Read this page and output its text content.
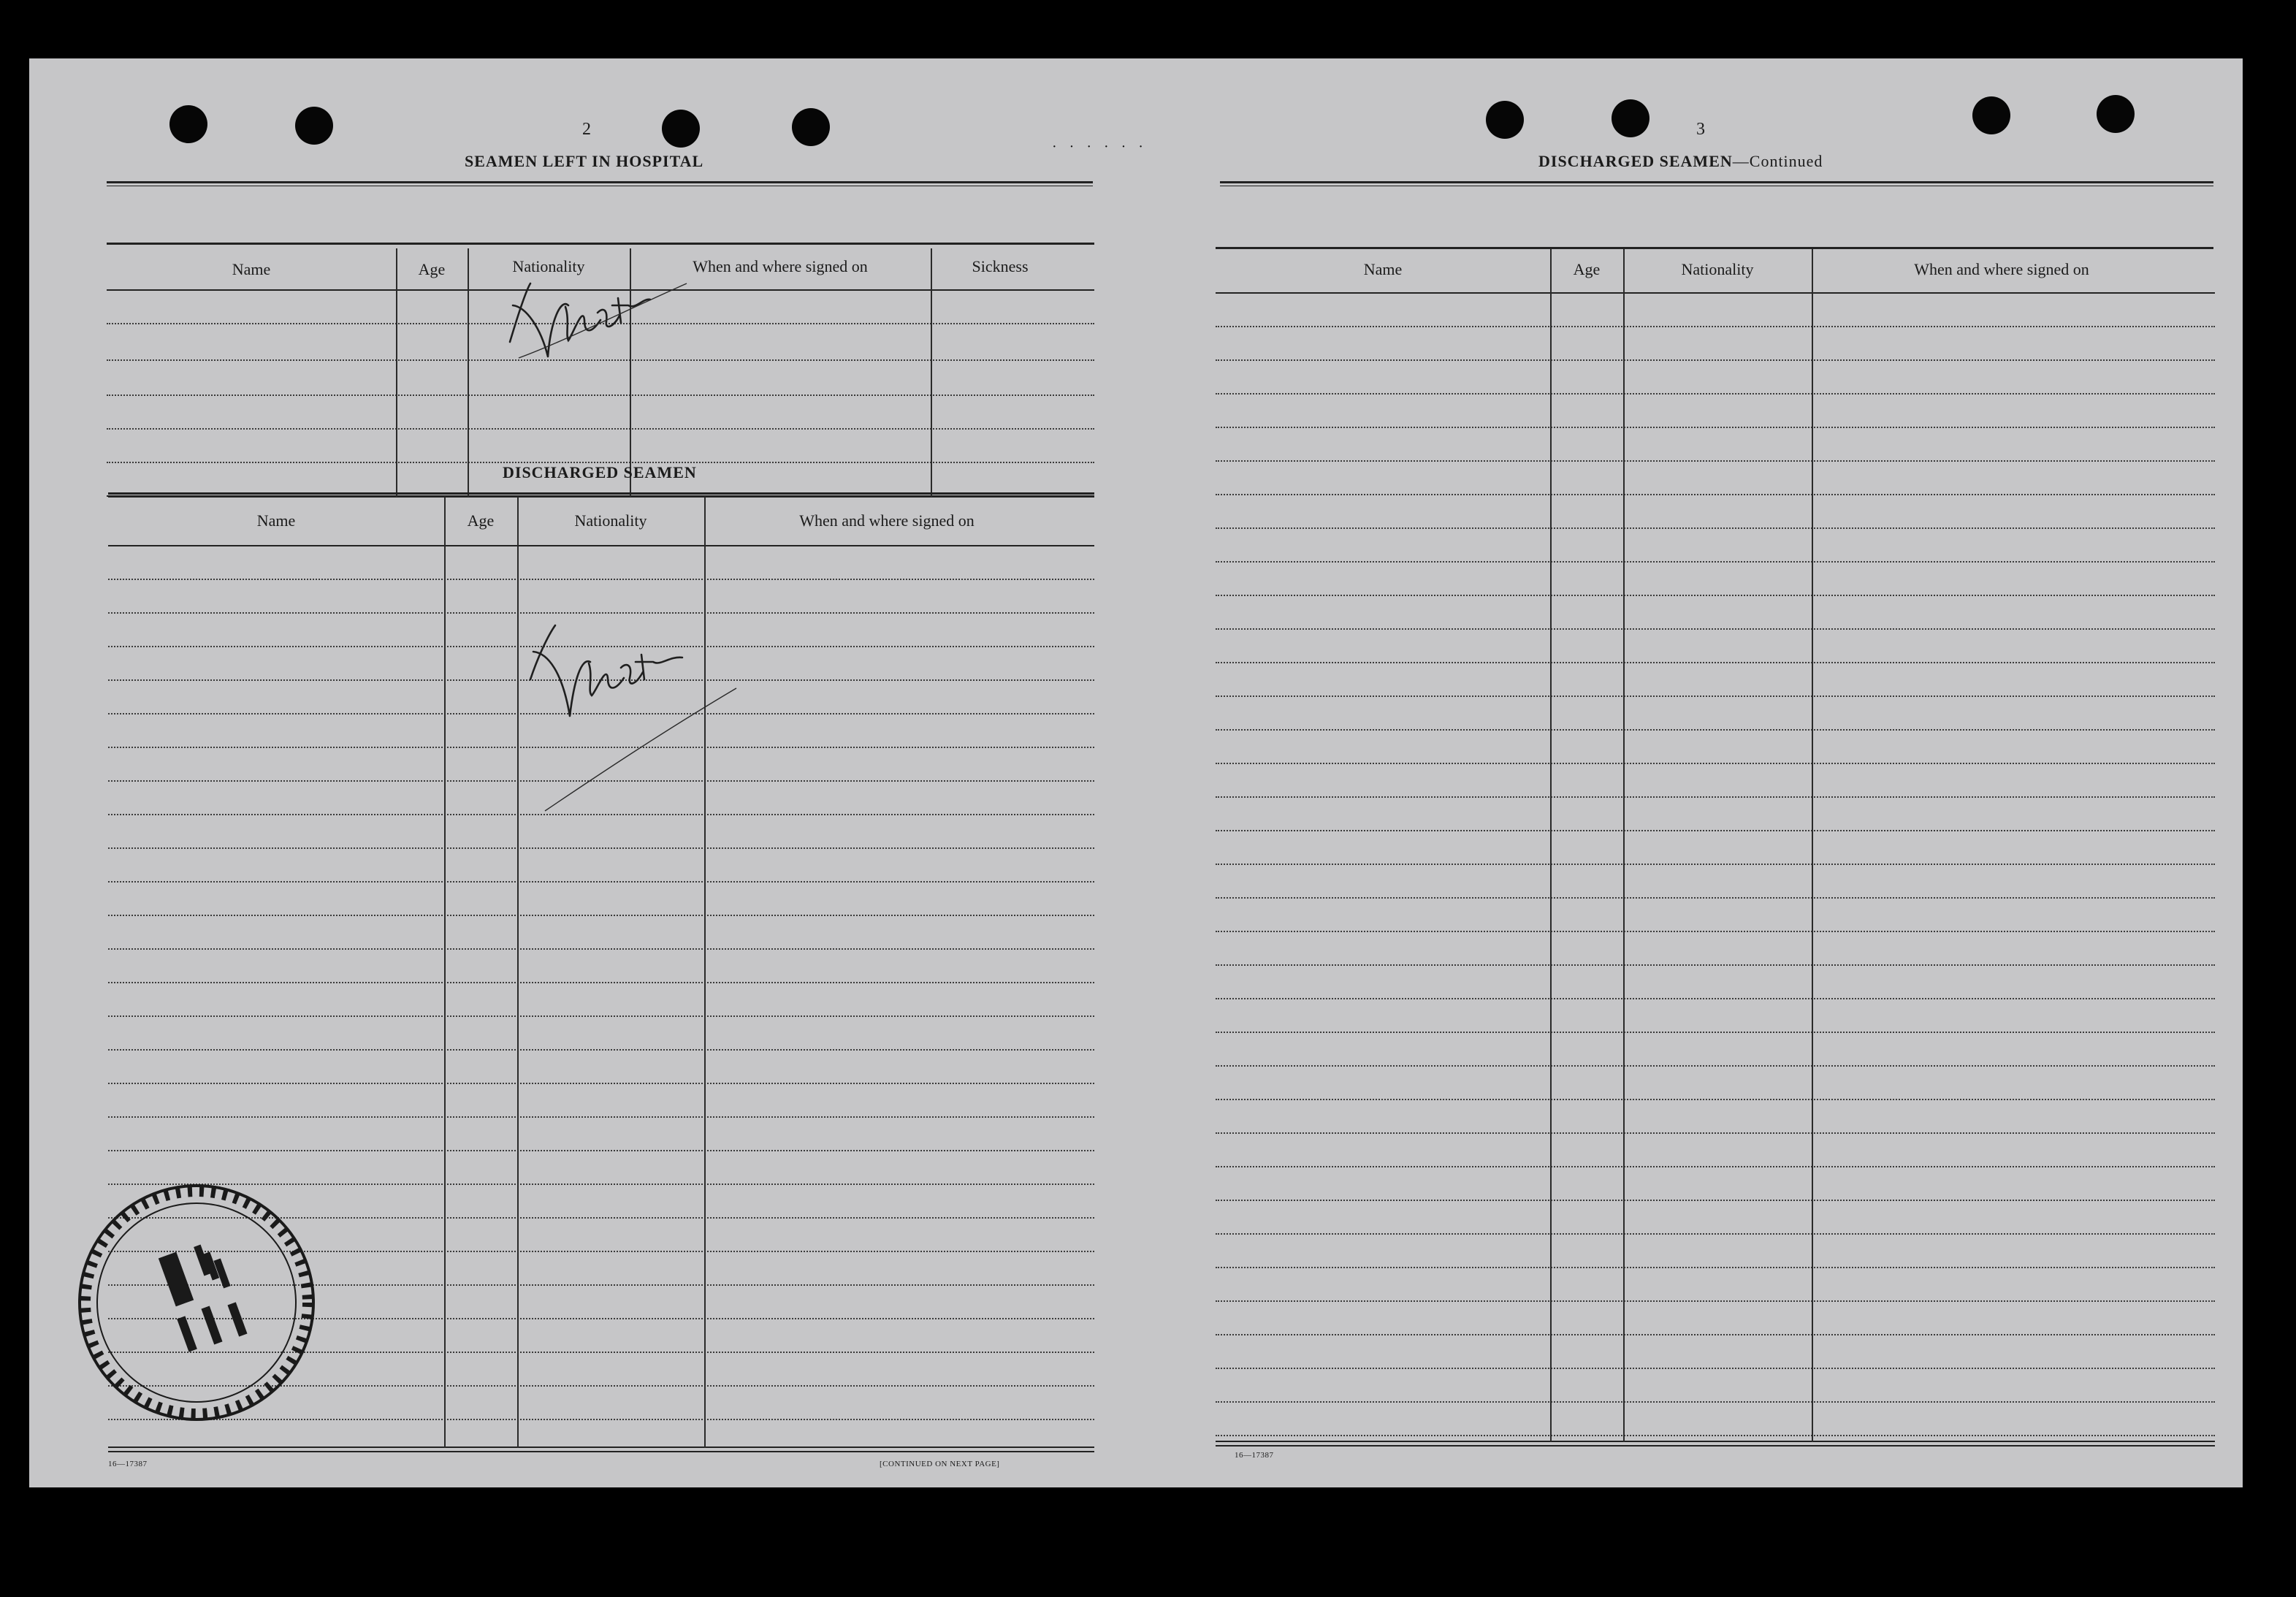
· · · · · ·
2
SEAMEN LEFT IN HOSPITAL
Name	Age	Nationality	When and where signed on	Sickness
DISCHARGED SEAMEN
Name	Age	Nationality	When and where signed on
16—17387	[CONTINUED ON NEXT PAGE]
3
DISCHARGED SEAMEN—Continued
Name	Age	Nationality	When and where signed on
16—17387
